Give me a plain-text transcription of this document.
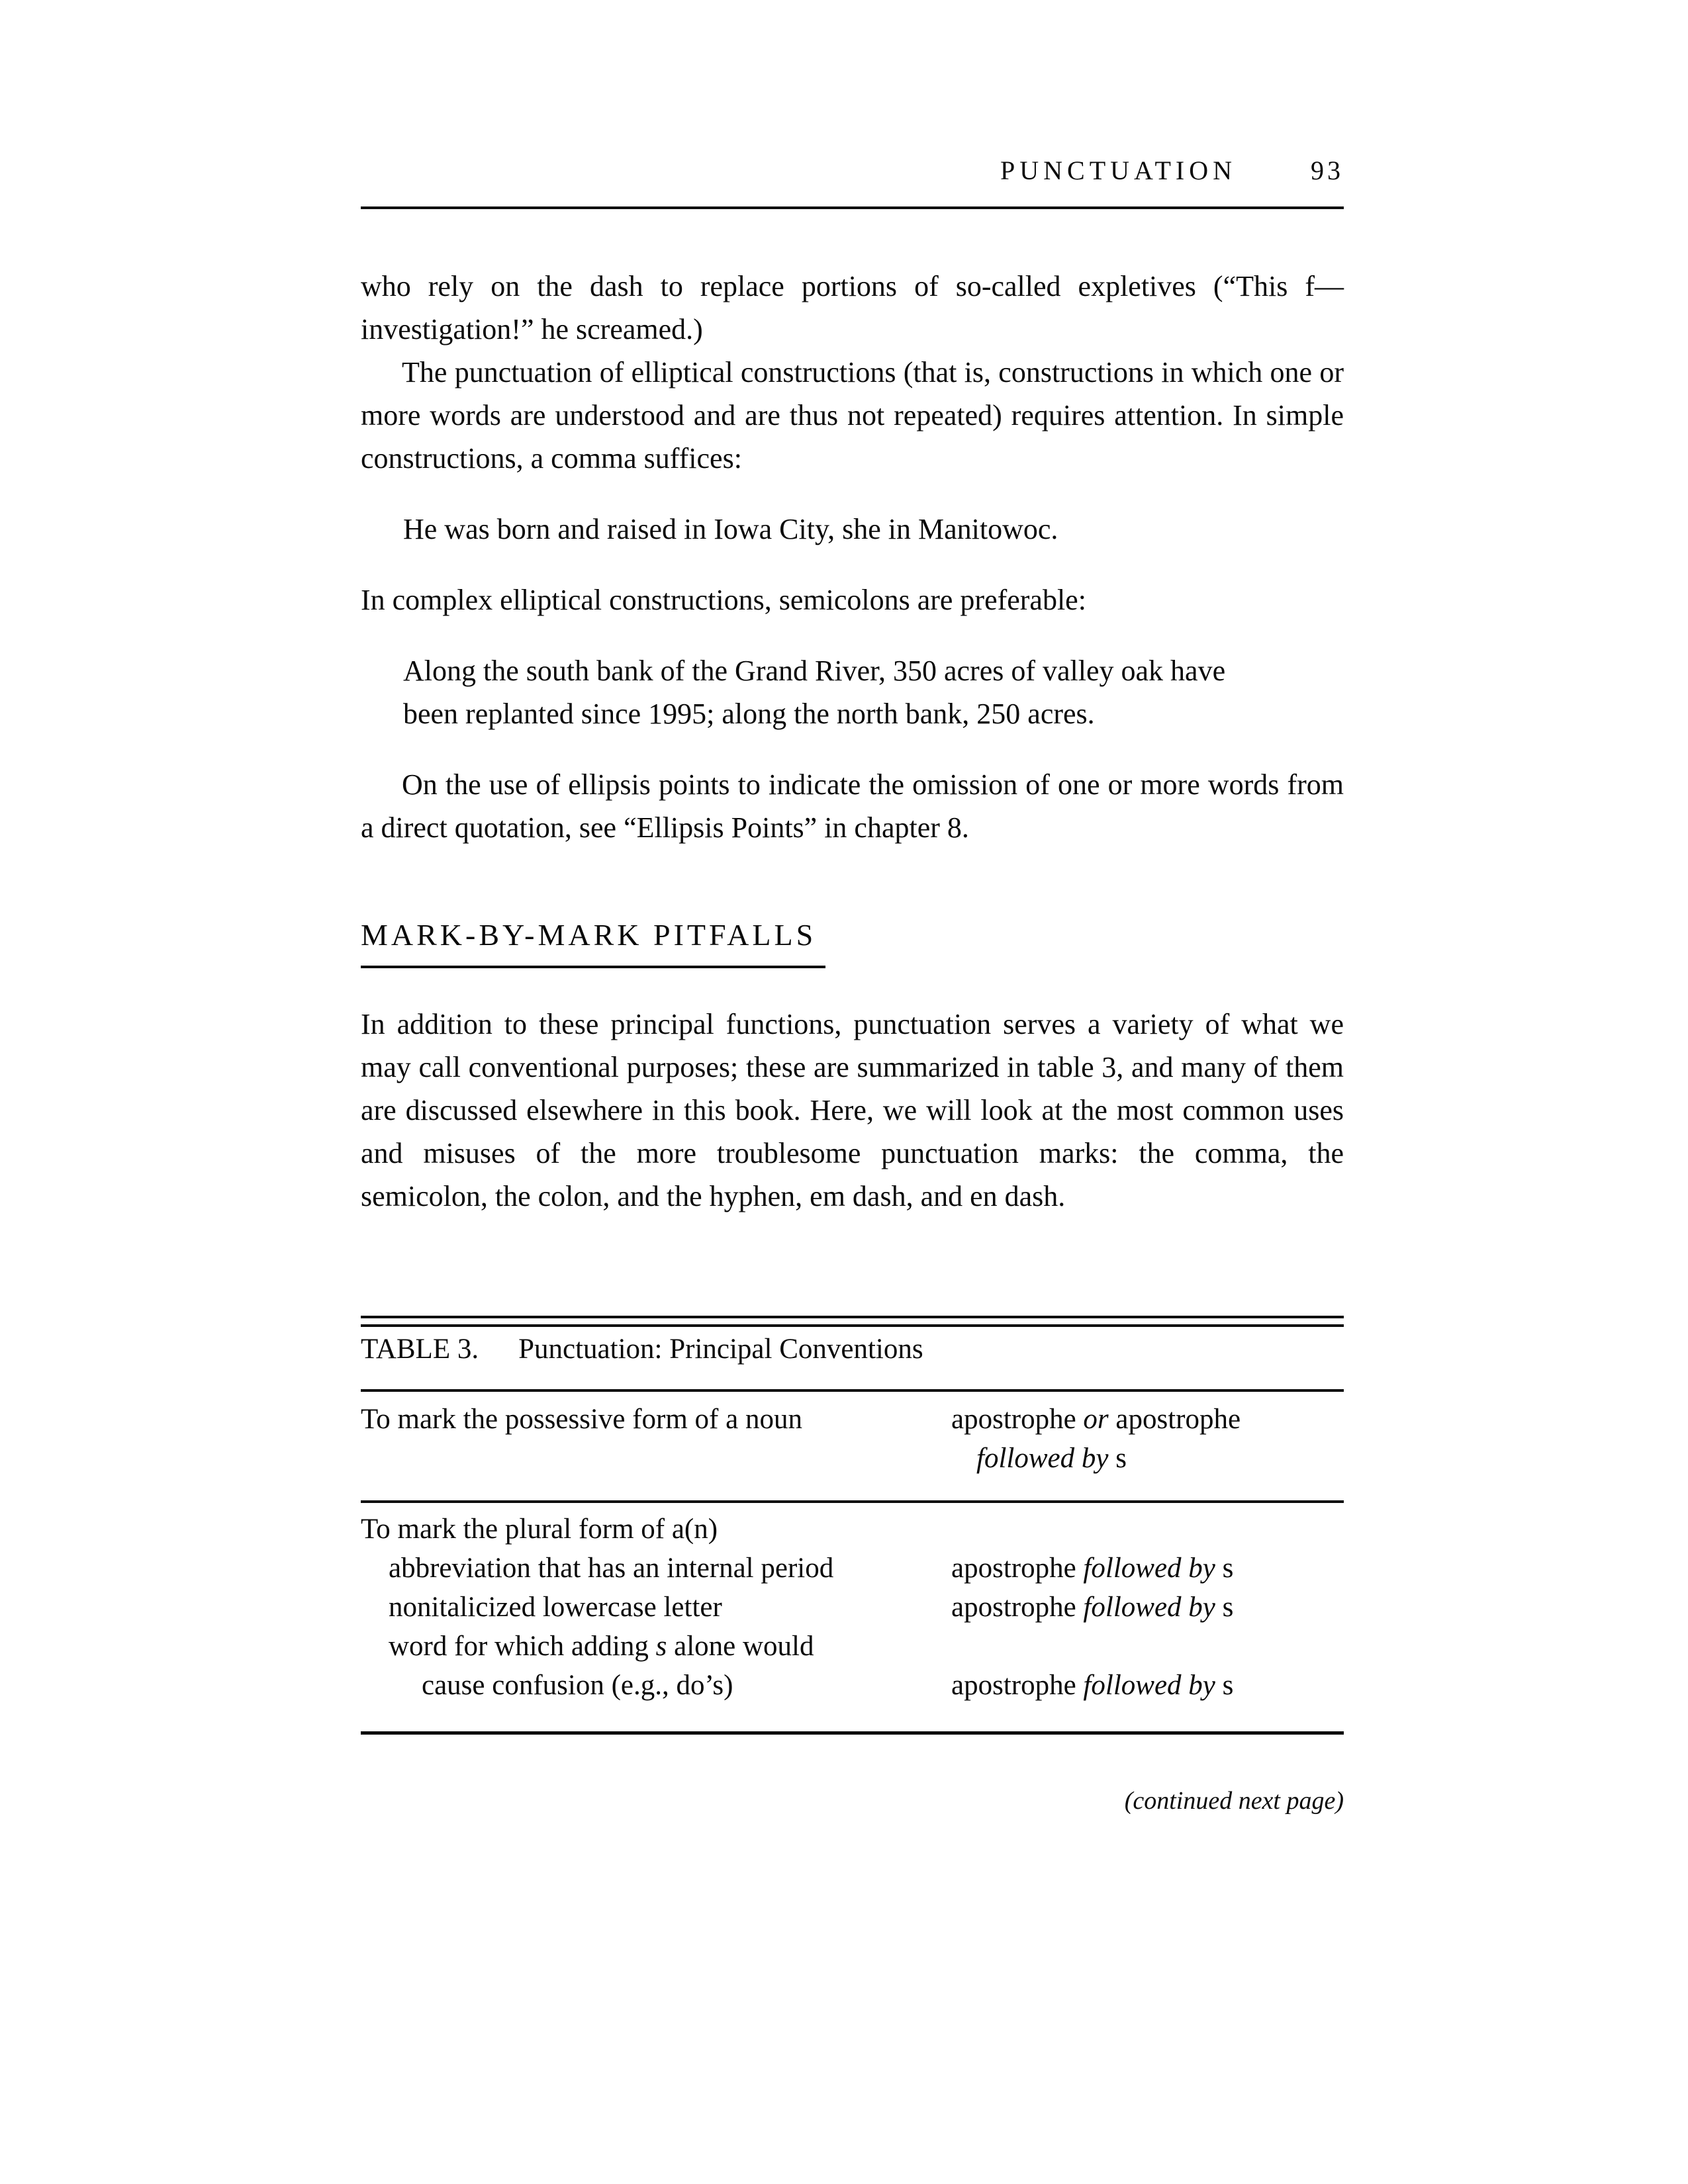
PUNCTUATION	93

who rely on the dash to replace portions of so-called expletives (“This f— investigation!” he screamed.)

The punctuation of elliptical constructions (that is, constructions in which one or more words are understood and are thus not repeated) requires attention. In simple constructions, a comma suffices:

He was born and raised in Iowa City, she in Manitowoc.

In complex elliptical constructions, semicolons are preferable:

Along the south bank of the Grand River, 350 acres of valley oak have been replanted since 1995; along the north bank, 250 acres.

On the use of ellipsis points to indicate the omission of one or more words from a direct quotation, see “Ellipsis Points” in chapter 8.

MARK-BY-MARK PITFALLS

In addition to these principal functions, punctuation serves a variety of what we may call conventional purposes; these are summarized in table 3, and many of them are discussed elsewhere in this book. Here, we will look at the most common uses and misuses of the more troublesome punctuation marks: the comma, the semicolon, the colon, and the hyphen, em dash, and en dash.

TABLE 3. Punctuation: Principal Conventions
To mark the possessive form of a noun	apostrophe or apostrophe
followed by s
To mark the plural form of a(n)
abbreviation that has an internal period	apostrophe followed by s
nonitalicized lowercase letter	apostrophe followed by s
word for which adding s alone would
cause confusion (e.g., do’s)	apostrophe followed by s
(continued next page)
